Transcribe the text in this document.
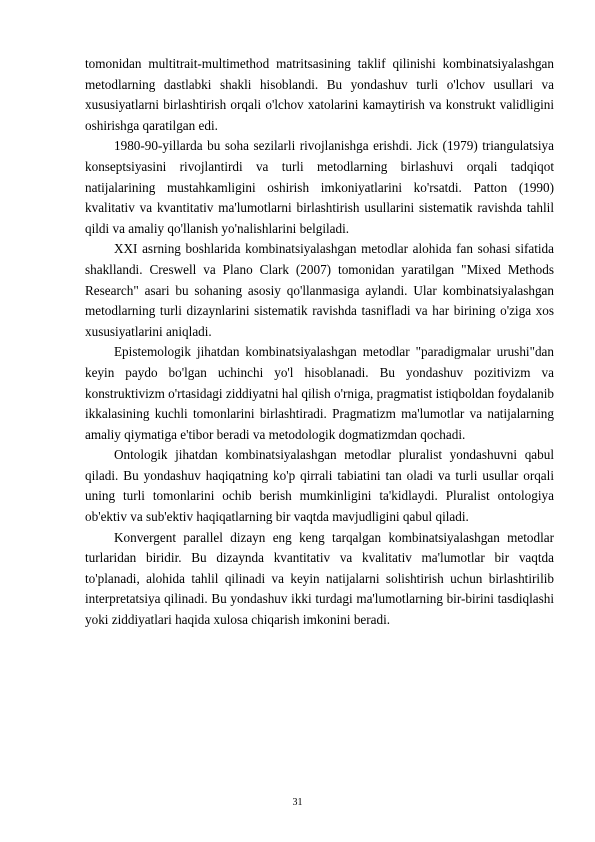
tomonidan multitrait-multimethod matritsasining taklif qilinishi kombinatsiyalashgan metodlarning dastlabki shakli hisoblandi. Bu yondashuv turli o'lchov usullari va xususiyatlarni birlashtirish orqali o'lchov xatolarini kamaytirish va konstrukt validligini oshirishga qaratilgan edi.

1980-90-yillarda bu soha sezilarli rivojlanishga erishdi. Jick (1979) triangulatsiya konseptsiyasini rivojlantirdi va turli metodlarning birlashuvi orqali tadqiqot natijalarining mustahkamligini oshirish imkoniyatlarini ko'rsatdi. Patton (1990) kvalitativ va kvantitativ ma'lumotlarni birlashtirish usullarini sistematik ravishda tahlil qildi va amaliy qo'llanish yo'nalishlarini belgiladi.

XXI asrning boshlarida kombinatsiyalashgan metodlar alohida fan sohasi sifatida shakllandi. Creswell va Plano Clark (2007) tomonidan yaratilgan "Mixed Methods Research" asari bu sohaning asosiy qo'llanmasiga aylandi. Ular kombinatsiyalashgan metodlarning turli dizaynlarini sistematik ravishda tasnifladi va har birining o'ziga xos xususiyatlarini aniqladi.

Epistemologik jihatdan kombinatsiyalashgan metodlar "paradigmalar urushi"dan keyin paydo bo'lgan uchinchi yo'l hisoblanadi. Bu yondashuv pozitivizm va konstruktivizm o'rtasidagi ziddiyatni hal qilish o'rniga, pragmatist istiqboldan foydalanib ikkalasining kuchli tomonlarini birlashtiradi. Pragmatizm ma'lumotlar va natijalarning amaliy qiymatiga e'tibor beradi va metodologik dogmatizmdan qochadi.

Ontologik jihatdan kombinatsiyalashgan metodlar pluralist yondashuvni qabul qiladi. Bu yondashuv haqiqatning ko'p qirrali tabiatini tan oladi va turli usullar orqali uning turli tomonlarini ochib berish mumkinligini ta'kidlaydi. Pluralist ontologiya ob'ektiv va sub'ektiv haqiqatlarning bir vaqtda mavjudligini qabul qiladi.

Konvergent parallel dizayn eng keng tarqalgan kombinatsiyalashgan metodlar turlaridan biridir. Bu dizaynda kvantitativ va kvalitativ ma'lumotlar bir vaqtda to'planadi, alohida tahlil qilinadi va keyin natijalarni solishtirish uchun birlashtirilib interpretatsiya qilinadi. Bu yondashuv ikki turdagi ma'lumotlarning bir-birini tasdiqlashi yoki ziddiyatlari haqida xulosa chiqarish imkonini beradi.

31
